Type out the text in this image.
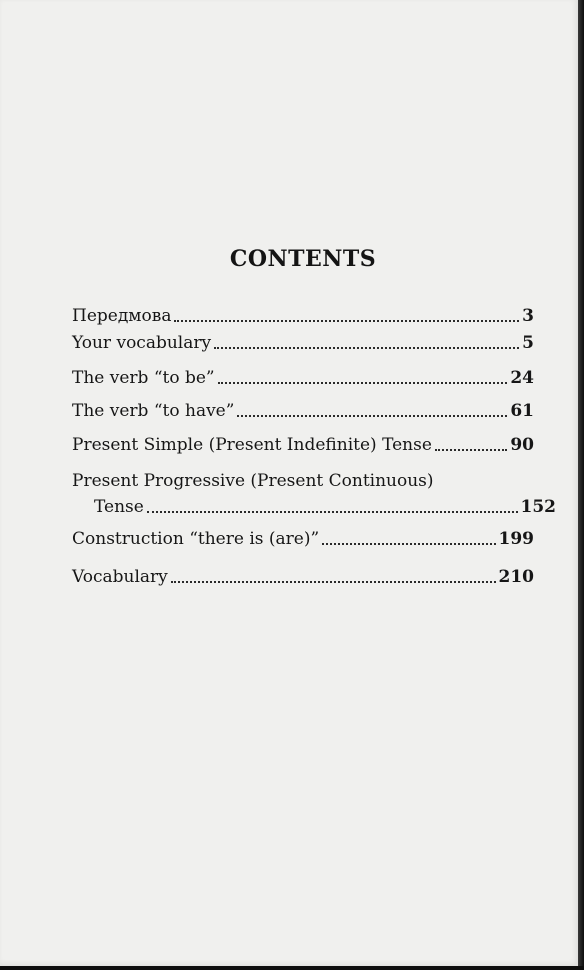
CONTENTS
Передмова	3
Your vocabulary	5
The verb “to be”	24
The verb “to have”	61
Present Simple (Present Indefinite) Tense	90
Present Progressive (Present Continuous)
Tense	152
Construction “there is (are)”	199
Vocabulary	210
